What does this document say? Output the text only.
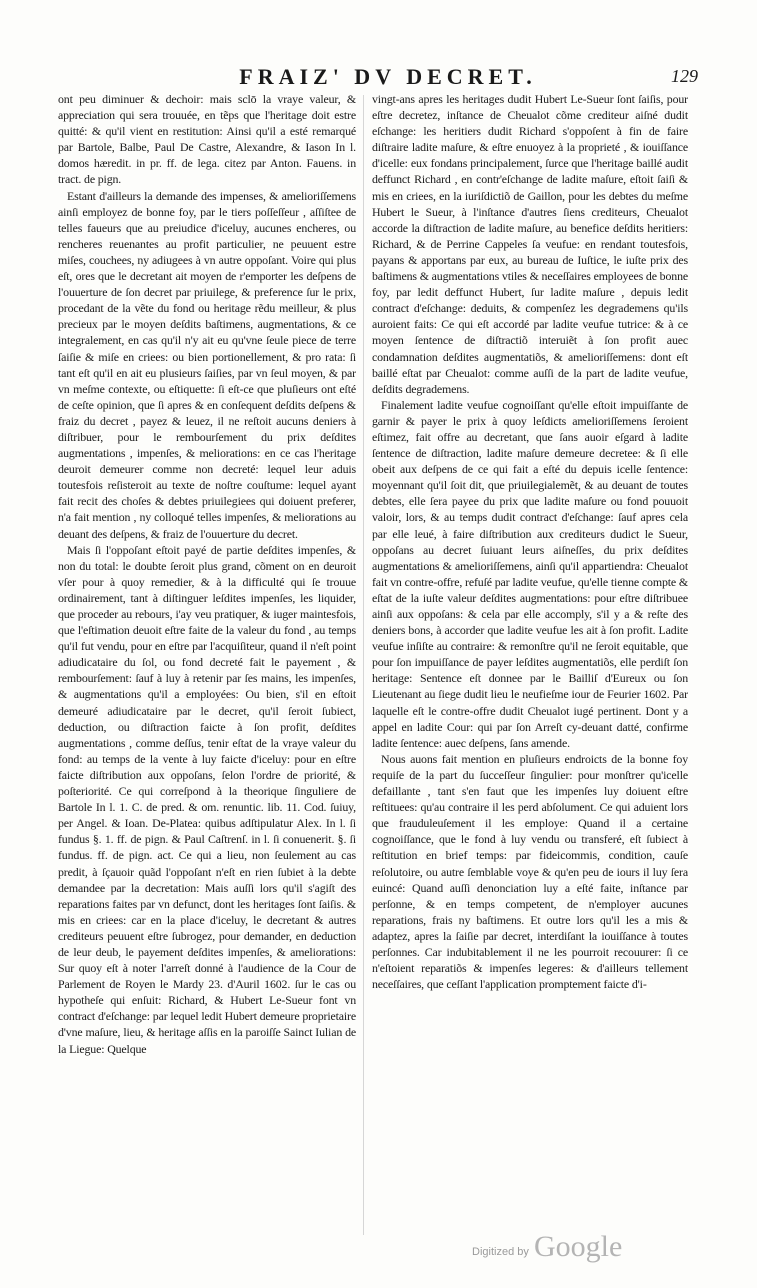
FRAIZ' DV DECRET.	129

ont peu diminuer & dechoir: mais sclō la vraye valeur, & appreciation qui sera trouuée, en tẽps que l'heritage doit estre quitté: & qu'il vient en restitution: Ainsi qu'il a esté remarqué par Bartole, Balbe, Paul De Castre, Alexandre, & Iason In l. domos hæredit. in pr. ff. de lega. citez par Anton. Fauens. in tract. de pign.

Estant d'ailleurs la demande des impenses, & amelioriſſemens ainſi employez de bonne foy, par le tiers poſſeſſeur , aſſiſtee de telles faueurs que au preiudice d'iceluy, aucunes encheres, ou rencheres reuenantes au profit particulier, ne peuuent estre miſes, couchees, ny adiugees à vn autre oppoſant. Voire qui plus eſt, ores que le decretant ait moyen de r'emporter les deſpens de l'ouuerture de ſon decret par priuilege, & preference ſur le prix, procedant de la vẽte du fond ou heritage rẽdu meilleur, & plus precieux par le moyen deſdits baſtimens, augmentations, & ce integralement, en cas qu'il n'y ait eu qu'vne ſeule piece de terre ſaiſie & miſe en criees: ou bien portionellement, & pro rata: ſi tant eſt qu'il en ait eu plusieurs ſaiſies, par vn ſeul moyen, & par vn meſme contexte, ou eſtiquette: ſi eſt-ce que pluſieurs ont eſté de ceſte opinion, que ſi apres & en conſequent deſdits deſpens & fraiz du decret , payez & leuez, il ne reſtoit aucuns deniers à diſtribuer, pour le rembourſement du prix deſdites augmentations , impenſes, & meliorations: en ce cas l'heritage deuroit demeurer comme non decreté: lequel leur aduis toutesfois reſisteroit au texte de noſtre couſtume: lequel ayant fait recit des choſes & debtes priuilegiees qui doiuent preferer, n'a fait mention , ny colloqué telles impenſes, & meliorations au deuant des deſpens, & fraiz de l'ouuerture du decret.

Mais ſi l'oppoſant eſtoit payé de partie deſdites impenſes, & non du total: le doubte ſeroit plus grand, cõment on en deuroit vſer pour à quoy remedier, & à la difficulté qui ſe trouue ordinairement, tant à diſtinguer leſdites impenſes, les liquider, que proceder au rebours, i'ay veu pratiquer, & iuger maintesfois, que l'eſtimation deuoit eſtre faite de la valeur du fond , au temps qu'il fut vendu, pour en eſtre par l'acquiſiteur, quand il n'eſt point adiudicataire du ſol, ou fond decreté fait le payement , & rembourſement: ſauf à luy à retenir par ſes mains, les impenſes, & augmentations qu'il a employées: Ou bien, s'il en eſtoit demeuré adiudicataire par le decret, qu'il ſeroit ſubiect, deduction, ou diſtraction faicte à ſon profit, deſdites augmentations , comme deſſus, tenir eſtat de la vraye valeur du fond: au temps de la vente à luy faicte d'iceluy: pour en eſtre faicte diſtribution aux oppoſans, ſelon l'ordre de priorité, & poſteriorité. Ce qui correſpond à la theorique ſinguliere de Bartole In l. 1. C. de pred. & om. renuntic. lib. 11. Cod. ſuiuy, per Angel. & Ioan. De-Platea: quibus adſtipulatur Alex. In l. ſi fundus §. 1. ff. de pign. & Paul Caſtrenſ. in l. ſi conuenerit. §. ſi fundus. ff. de pign. act. Ce qui a lieu, non ſeulement au cas predit, à ſçauoir quãd l'oppoſant n'eſt en rien ſubiet à la debte demandee par la decretation: Mais auſſi lors qu'il s'agiſt des reparations faites par vn defunct, dont les heritages ſont ſaiſis. & mis en criees: car en la place d'iceluy, le decretant & autres crediteurs peuuent eſtre ſubrogez, pour demander, en deduction de leur deub, le payement deſdites impenſes, & ameliorations: Sur quoy eſt à noter l'arreſt donné à l'audience de la Cour de Parlement de Royen le Mardy 23. d'Auril 1602. ſur le cas ou hypotheſe qui enſuit: Richard, & Hubert Le-Sueur font vn contract d'eſchange: par lequel ledit Hubert demeure proprietaire d'vne maſure, lieu, & heritage aſſis en la paroiſſe Sainct Iulian de la Liegue: Quelque

vingt-ans apres les heritages dudit Hubert Le-Sueur ſont ſaiſis, pour eſtre decretez, inſtance de Cheualot cõme crediteur aiſné dudit eſchange: les heritiers dudit Richard s'oppoſent à fin de faire diſtraire ladite maſure, & eſtre enuoyez à la proprieté , & iouiſſance d'icelle: eux fondans principalement, ſurce que l'heritage baillé audit deffunct Richard , en contr'eſchange de ladite maſure, eſtoit ſaiſi & mis en criees, en la iuriſdictiõ de Gaillon, pour les debtes du meſme Hubert le Sueur, à l'inſtance d'autres ſiens crediteurs, Cheualot accorde la diſtraction de ladite maſure, au benefice deſdits heritiers: Richard, & de Perrine Cappeles ſa veufue: en rendant toutesfois, payans & apportans par eux, au bureau de Iuſtice, le iuſte prix des baſtimens & augmentations vtiles & neceſſaires employees de bonne foy, par ledit deffunct Hubert, ſur ladite maſure , depuis ledit contract d'eſchange: deduits, & compenſez les degrademens qu'ils auroient faits: Ce qui eſt accordé par ladite veufue tutrice: & à ce moyen ſentence de diſtractiõ interuiẽt à ſon profit auec condamnation deſdites augmentatiõs, & amelioriſſemens: dont eſt baillé eſtat par Cheualot: comme auſſi de la part de ladite veufue, deſdits degrademens.

Finalement ladite veufue cognoiſſant qu'elle eſtoit impuiſſante de garnir & payer le prix à quoy leſdicts amelioriſſemens ſeroient eſtimez, fait offre au decretant, que ſans auoir eſgard à ladite ſentence de diſtraction, ladite maſure demeure decretee: & ſi elle obeit aux deſpens de ce qui fait a eſté du depuis icelle ſentence: moyennant qu'il ſoit dit, que priuilegialemẽt, & au deuant de toutes debtes, elle ſera payee du prix que ladite maſure ou fond pouuoit valoir, lors, & au temps dudit contract d'eſchange: ſauf apres cela par elle leué, à faire diſtribution aux crediteurs dudict le Sueur, oppoſans au decret ſuiuant leurs aiſneſſes, du prix deſdites augmentations & amelioriſſemens, ainſi qu'il appartiendra: Cheualot fait vn contre-offre, refuſé par ladite veufue, qu'elle tienne compte & eſtat de la iuſte valeur deſdites augmentations: pour eſtre diſtribuee ainſi aux oppoſans: & cela par elle accomply, s'il y a & reſte des deniers bons, à accorder que ladite veufue les ait à ſon profit. Ladite veufue inſiſte au contraire: & remonſtre qu'il ne ſeroit equitable, que pour ſon impuiſſance de payer leſdites augmentatiõs, elle perdiſt ſon heritage: Sentence eſt donnee par le Bailliſ d'Eureux ou ſon Lieutenant au ſiege dudit lieu le neufieſme iour de Feurier 1602. Par laquelle eſt le contre-offre dudit Cheualot iugé pertinent. Dont y a appel en ladite Cour: qui par ſon Arreſt cy-deuant datté, confirme ladite ſentence: auec deſpens, ſans amende.

Nous auons fait mention en pluſieurs endroicts de la bonne foy requiſe de la part du ſucceſſeur ſingulier: pour monſtrer qu'icelle defaillante , tant s'en faut que les impenſes luy doiuent eſtre reſtituees: qu'au contraire il les perd abſolument. Ce qui aduient lors que frauduleuſement il les employe: Quand il a certaine cognoiſſance, que le fond à luy vendu ou transferé, eſt ſubiect à reſtitution en brief temps: par fideicommis, condition, cauſe reſolutoire, ou autre ſemblable voye & qu'en peu de iours il luy ſera euincé: Quand auſſi denonciation luy a eſté faite, inſtance par perſonne, & en temps competent, de n'employer aucunes reparations, frais ny baſtimens. Et outre lors qu'il les a mis & adaptez, apres la ſaiſie par decret, interdiſant la iouiſſance à toutes perſonnes. Car indubitablement il ne les pourroit recouurer: ſi ce n'eſtoient reparatiõs & impenſes legeres: & d'ailleurs tellement neceſſaires, que ceſſant l'application promptement faicte d'i-

Digitized by Google
